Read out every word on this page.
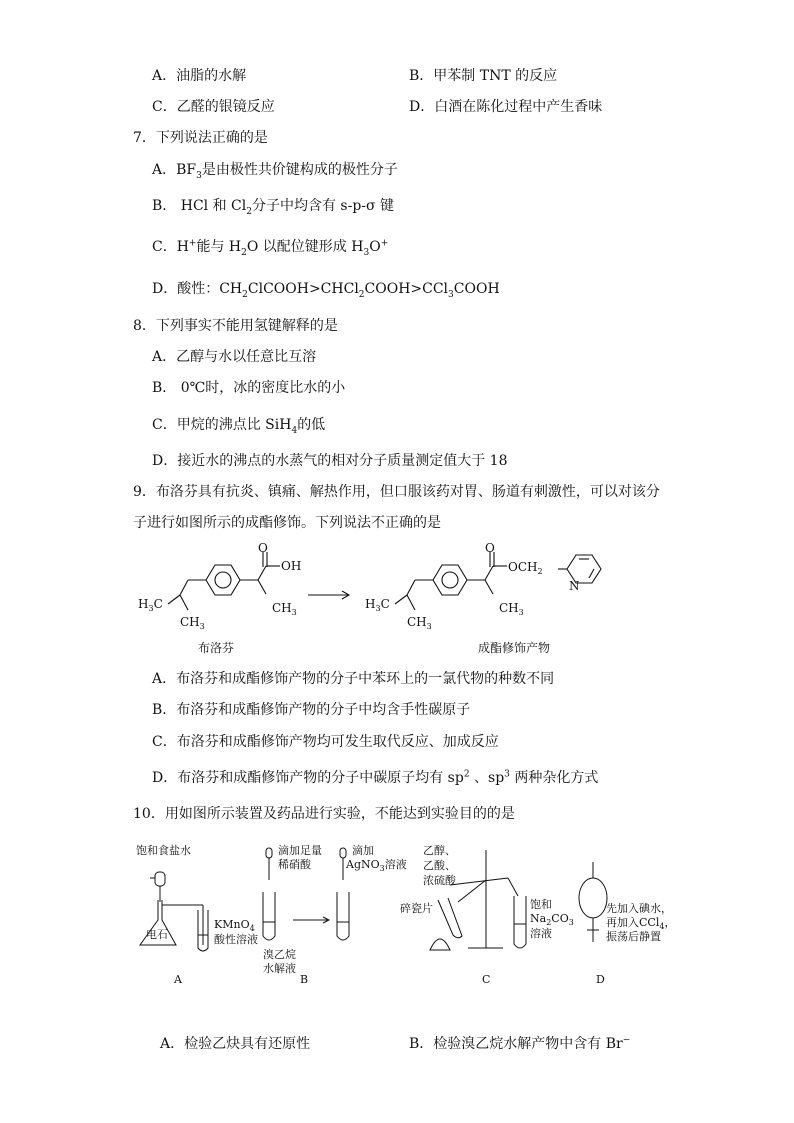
A．油脂的水解	B．甲苯制 TNT 的反应
C．乙醛的银镜反应	D．白酒在陈化过程中产生香味
7．下列说法正确的是
A．$BF_3$是由极性共价键构成的极性分子
B． HCl 和 $Cl_2$分子中均含有 s-p-σ 键
C．H+能与 $H_2O$ 以配位键形成 $H_3O^+$
D．酸性：$CH_2ClCOOH>CHCl_2COOH>CCl_3COOH$
8．下列事实不能用氢键解释的是
A．乙醇与水以任意比互溶
B． 0℃时，冰的密度比水的小
C．甲烷的沸点比 SiH$_4$的低
D．接近水的沸点的水蒸气的相对分子质量测定值大于 18
9．布洛芬具有抗炎、镇痛、解热作用，但口服该药对胃、肠道有刺激性，可以对该分
子进行如图所示的成酯修饰。下列说法不正确的是
$H_3C$
$CH_3$
O
OH
$CH_3$
$H_3C$
$CH_3$
O
$OCH_2$
$CH_3$
N
布洛芬	成酯修饰产物
A．布洛芬和成酯修饰产物的分子中苯环上的一氯代物的种数不同
B．布洛芬和成酯修饰产物的分子中均含手性碳原子
C．布洛芬和成酯修饰产物均可发生取代反应、加成反应
D．布洛芬和成酯修饰产物的分子中碳原子均有 $sp^2$ 、$sp^3$ 两种杂化方式
10．用如图所示装置及药品进行实验，不能达到实验目的的是
饱和食盐水
电石
KMnO$_4$
酸性溶液
滴加足量
稀硝酸
滴加
AgNO$_3$溶液
溴乙烷
水解液
乙醇、
乙酸、
浓硫酸
碎瓷片	饱和
$Na_2CO_3$
溶液
先加入碘水，
再加入CCl$_4$，
振荡后静置
A	B	C	D
A．检验乙炔具有还原性	B．检验溴乙烷水解产物中含有 Br−
